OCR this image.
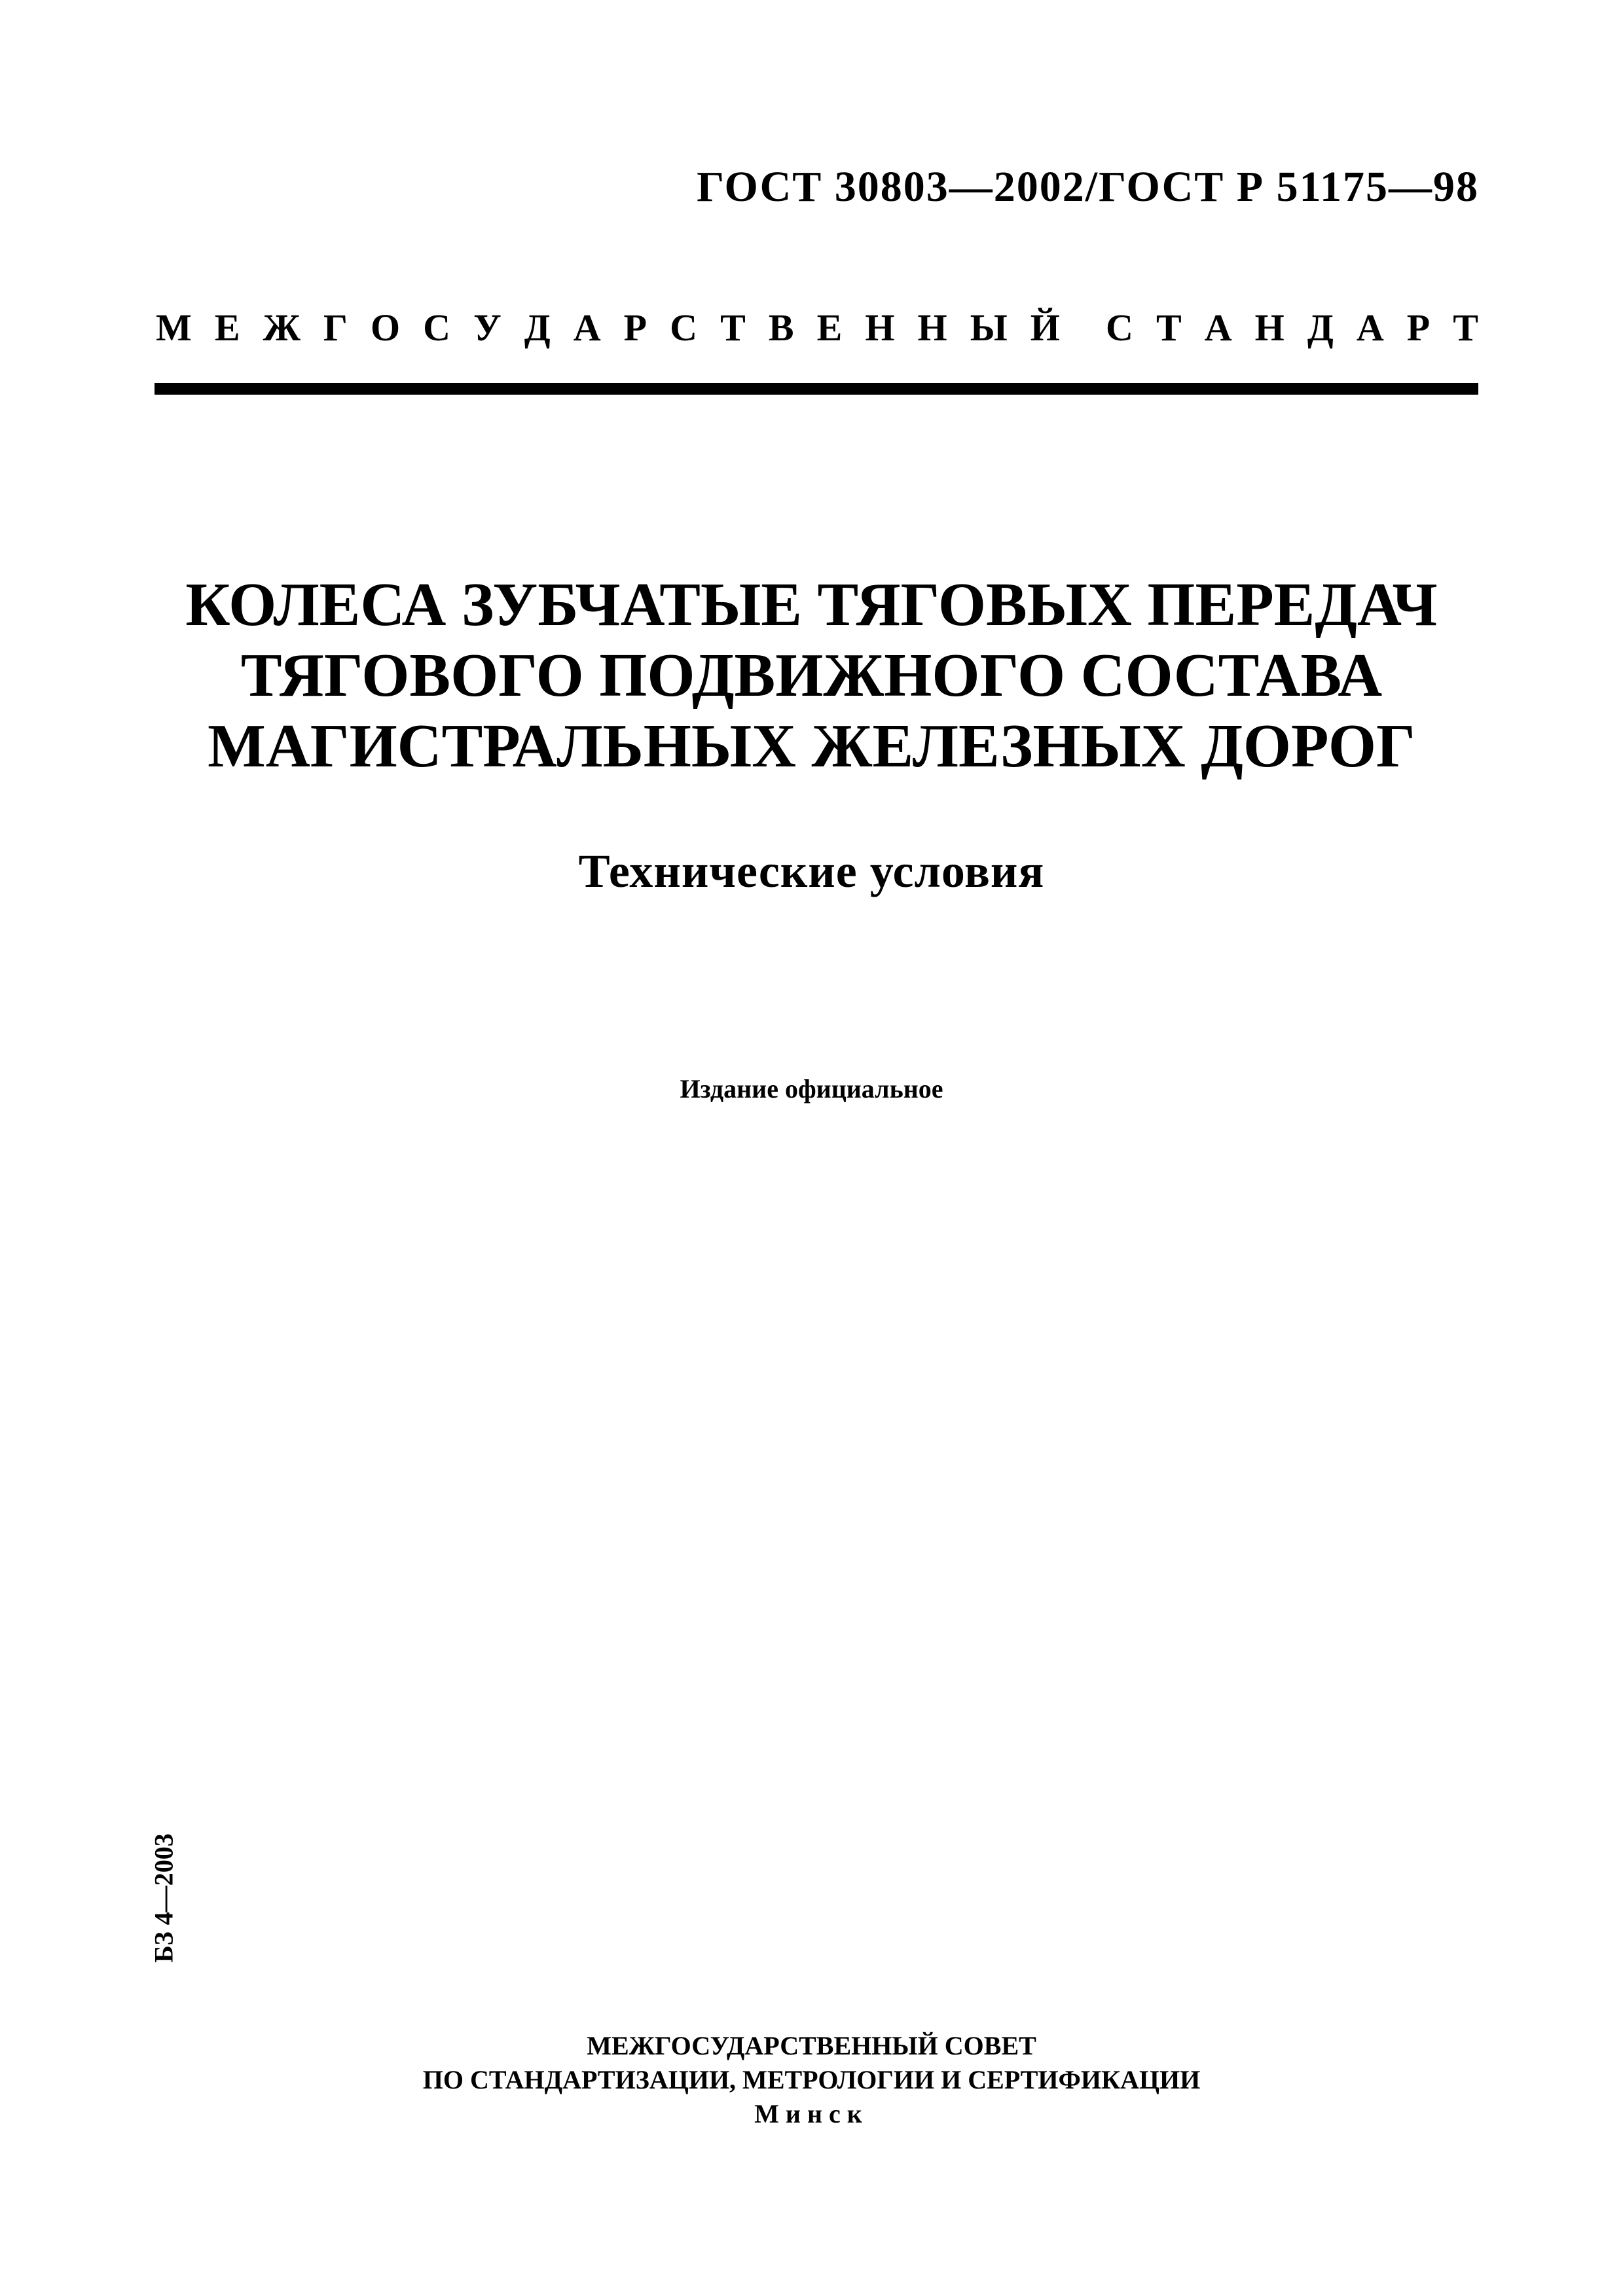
ГОСТ 30803—2002/ГОСТ Р 51175—98
М Е Ж Г О С У Д А Р С Т В Е Н Н Ы Й С Т А Н Д А Р Т
КОЛЕСА ЗУБЧАТЫЕ ТЯГОВЫХ ПЕРЕДАЧ
ТЯГОВОГО ПОДВИЖНОГО СОСТАВА
МАГИСТРАЛЬНЫХ ЖЕЛЕЗНЫХ ДОРОГ
Технические условия
Издание официальное
БЗ 4—2003
МЕЖГОСУДАРСТВЕННЫЙ СОВЕТ
ПО СТАНДАРТИЗАЦИИ, МЕТРОЛОГИИ И СЕРТИФИКАЦИИ
Минск
